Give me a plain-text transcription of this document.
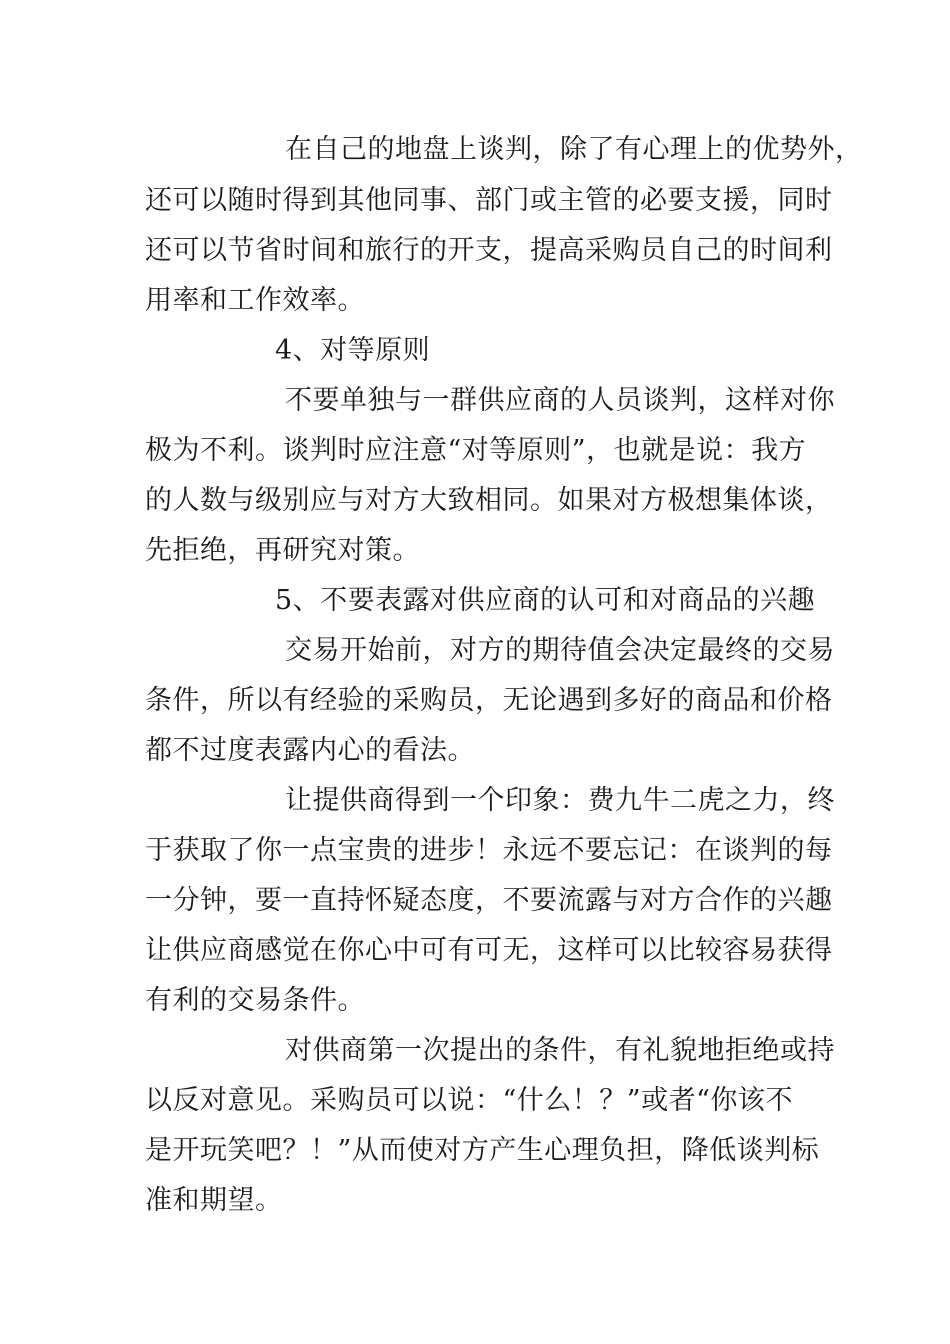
在自己的地盘上谈判，除了有心理上的优势外，
还可以随时得到其他同事、部门或主管的必要支援，同时
还可以节省时间和旅行的开支，提高采购员自己的时间利
用率和工作效率。
4、对等原则
不要单独与一群供应商的人员谈判，这样对你
极为不利。谈判时应注意“对等原则”，也就是说：我方
的人数与级别应与对方大致相同。如果对方极想集体谈，
先拒绝，再研究对策。
5、不要表露对供应商的认可和对商品的兴趣
交易开始前，对方的期待值会决定最终的交易
条件，所以有经验的采购员，无论遇到多好的商品和价格
都不过度表露内心的看法。
让提供商得到一个印象：费九牛二虎之力，终
于获取了你一点宝贵的进步！永远不要忘记：在谈判的每
一分钟，要一直持怀疑态度，不要流露与对方合作的兴趣
让供应商感觉在你心中可有可无，这样可以比较容易获得
有利的交易条件。
对供商第一次提出的条件，有礼貌地拒绝或持
以反对意见。采购员可以说：“什么！？”或者“你该不
是开玩笑吧？！”从而使对方产生心理负担，降低谈判标
准和期望。
